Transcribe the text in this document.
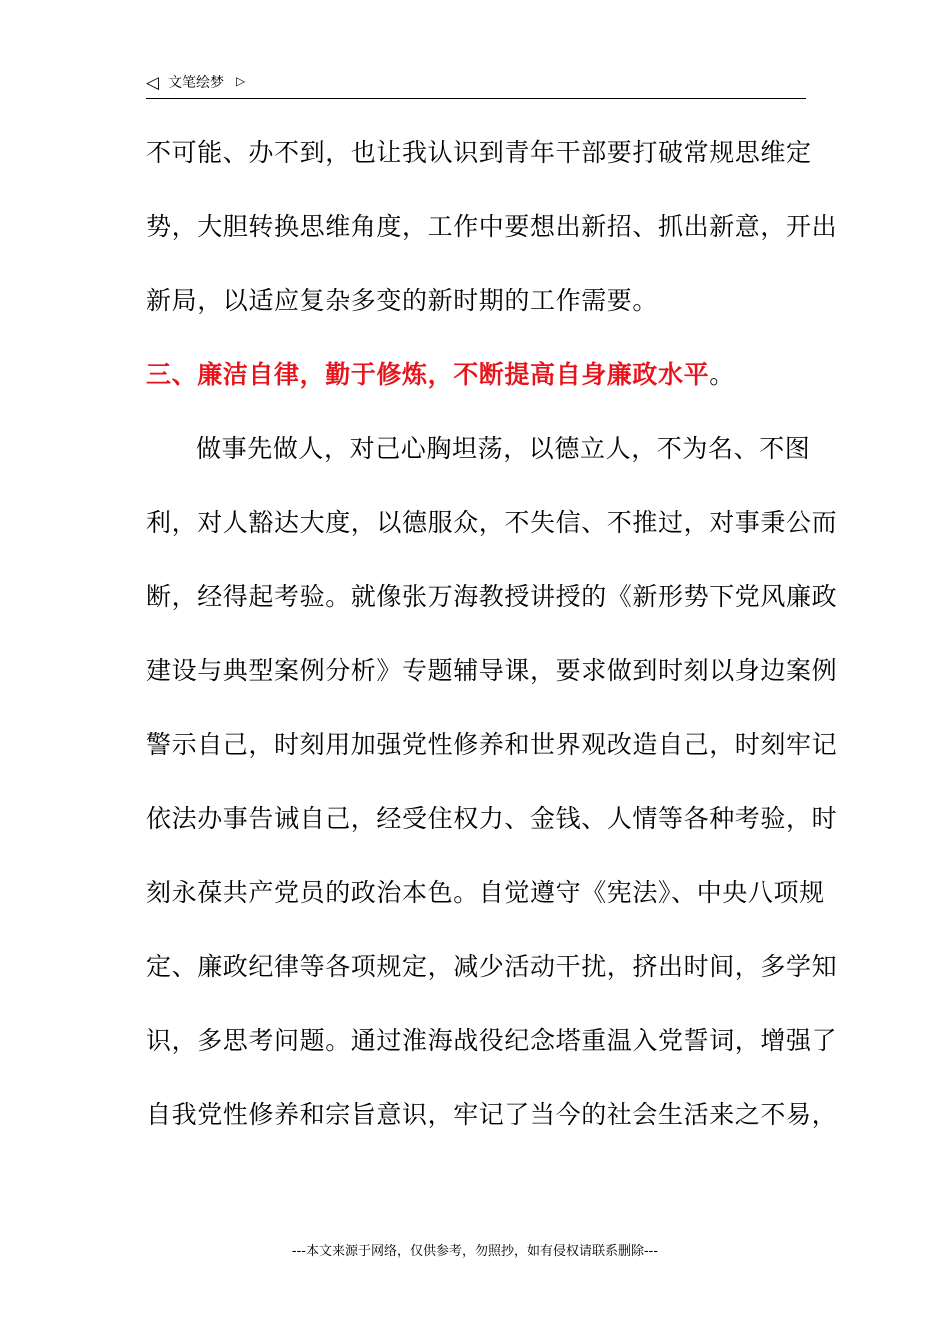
◁ 文笔绘梦 ▷
不可能、办不到，也让我认识到青年干部要打破常规思维定
势，大胆转换思维角度，工作中要想出新招、抓出新意，开出
新局，以适应复杂多变的新时期的工作需要。
三、廉洁自律，勤于修炼，不断提高自身廉政水平。
做事先做人，对己心胸坦荡，以德立人，不为名、不图
利，对人豁达大度，以德服众，不失信、不推过，对事秉公而
断，经得起考验。就像张万海教授讲授的《新形势下党风廉政
建设与典型案例分析》专题辅导课，要求做到时刻以身边案例
警示自己，时刻用加强党性修养和世界观改造自己，时刻牢记
依法办事告诫自己，经受住权力、金钱、人情等各种考验，时
刻永葆共产党员的政治本色。自觉遵守《宪法》、中央八项规
定、廉政纪律等各项规定，减少活动干扰，挤出时间，多学知
识，多思考问题。通过淮海战役纪念塔重温入党誓词，增强了
自我党性修养和宗旨意识，牢记了当今的社会生活来之不易，
---本文来源于网络，仅供参考，勿照抄，如有侵权请联系删除---
